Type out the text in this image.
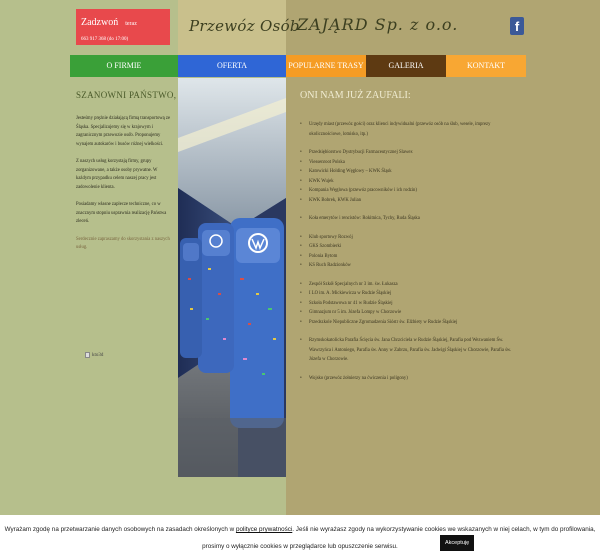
Zadzwoń teraz
663 917 368 (do 17:00)
Przewóz Osób
ZAJĄRD Sp. z o.o.	f
O FIRMIE	OFERTA	POPULARNE TRASY	GALERIA	KONTAKT
SZANOWNI PAŃSTWO,

Jesteśmy prężnie działającą firmą transportową ze Śląska. Specjalizujemy się w krajowym i zagranicznym przewozie osób. Proponujemy wynajem autokarów i busów różnej wielkości.

Z naszych usług korzystają firmy, grupy zorganizowane, a także osoby prywatne. W każdym przypadku celem naszej pracy jest zadowolenie klienta.

Posiadamy własne zaplecze techniczne, co w znacznym stopniu usprawnia realizację Państwa zleceń.

Serdecznie zapraszamy do skorzystania z naszych usług.

kto3d
ONI NAM JUŻ ZAUFALI:
• Urzędy miast (przewóz gości) oraz klienci indywidualni (przewóz osób na ślub, wesele, imprezy okolicznościowe, lotnisko, itp.)
• Przedsiębiorstwo Dystrybucji Farmaceutycznej Slawex
• Viessenroot Polska
• Katowicki Holding Węglowy – KWK Śląsk
• KWK Wujek
• Kompania Węglowa (przewóz pracowników i ich rodzin)
• KWK Bobrek, KWK Julian
• Koła emerytów i rencistów: Rokitnica, Tychy, Ruda Śląska
• Klub sportowy Rozwój
• GKS Szombierki
• Polonia Bytom
• KS Ruch Radzionków
• Zespół Szkół Specjalnych nr 3 im. św. Łukasza
• I LO im. A. Mickiewicza w Rudzie Śląskiej
• Szkoła Podstawowa nr 41 w Rudzie Śląskiej
• Gimnazjum nr 5 im. Józefa Lompy w Chorzowie
• Przedszkole Niepubliczne Zgromadzenia Sióstr św. Elżbiety w Rudzie Śląskiej
• Rzymskokatolicka Parafia Ścięcia św. Jana Chrzciciela w Rudzie Śląskiej, Parafia pod Wezwaniem Św. Wawrzyńca i Antoniego, Parafia św. Anny w Zabrzu, Parafia św. Jadwigi Śląskiej w Chorzowie, Parafia św. Józefa w Chorzowie.
• Wojsko (przewóz żołnierzy na ćwiczenia i poligony)
Wyrażam zgodę na przetwarzanie danych osobowych na zasadach określonych w polityce prywatności. Jeśli nie wyrażasz zgody na wykorzystywanie cookies we wskazanych w niej celach, w tym do profilowania, prosimy o wyłącznie cookies w przeglądarce lub opuszczenie serwisu.	Akceptuję
